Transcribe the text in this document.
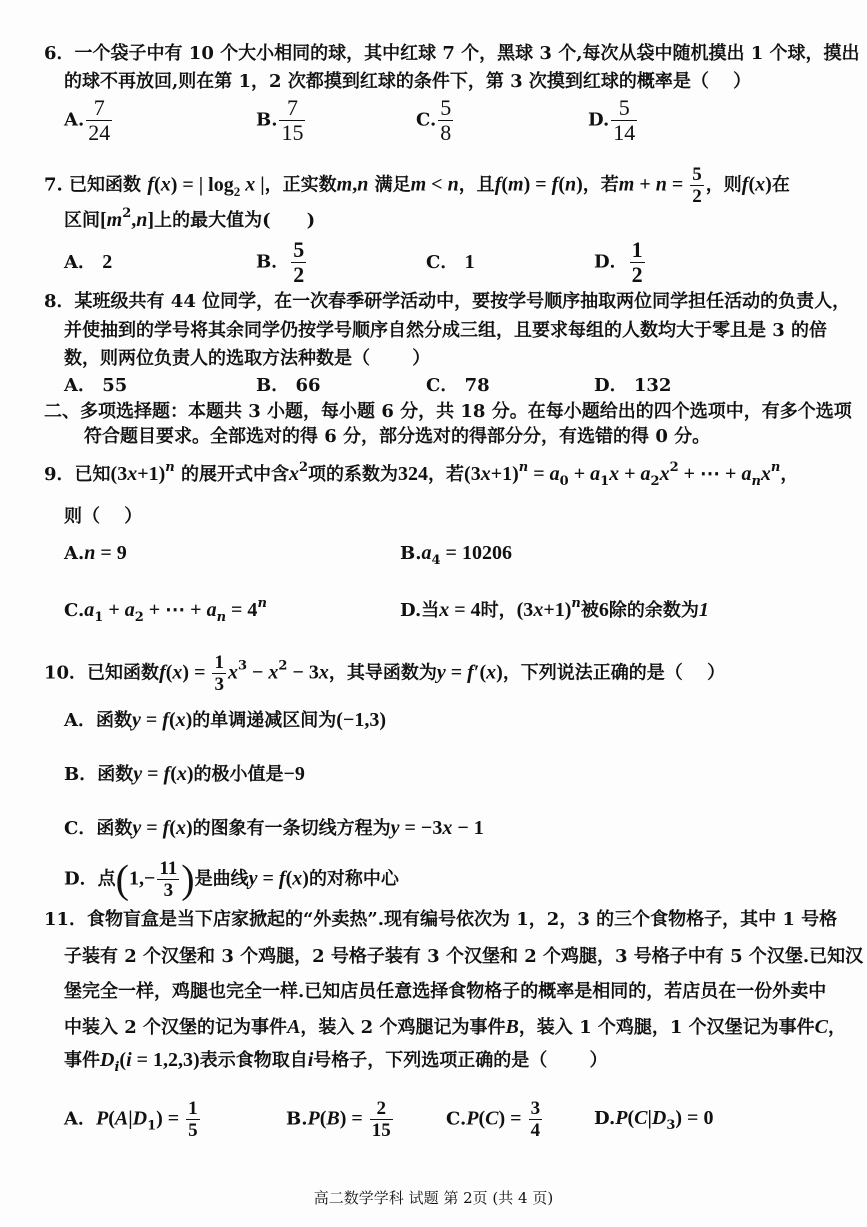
6．一个袋子中有 10 个大小相同的球，其中红球 7 个，黑球 3 个,每次从袋中随机摸出 1 个球，摸出
的球不再放回,则在第 1，2 次都摸到红球的条件下，第 3 次摸到红球的概率是（　 ）
A. $\frac{7}{24}$	B. $\frac{7}{15}$	C. $\frac{5}{8}$	D. $\frac{5}{14}$
7. 已知函数 f(x) = | $\log_2 x$ |，正实数m,n 满足m < n，且f(m) = f(n)，若$m + n = \frac{5}{2}$ ，则f(x)在
区间$[m^2,n]$上的最大值为(　　)
A． 2	B． $\frac{5}{2}$	C． 1	D． $\frac{1}{2}$
8．某班级共有 44 位同学，在一次春季研学活动中，要按学号顺序抽取两位同学担任活动的负责人，
并使抽到的学号将其余同学仍按学号顺序自然分成三组，且要求每组的人数均大于零且是 3 的倍
数，则两位负责人的选取方法种数是（　　 ）
A． 55	B． 66	C． 78	D． 132
二、多项选择题：本题共 3 小题，每小题 6 分，共 18 分。在每小题给出的四个选项中，有多个选项
符合题目要求。全部选对的得 6 分，部分选对的得部分分，有选错的得 0 分。
9．已知$(3x+1)^n$ 的展开式中含$x^2$项的系数为324，若$(3x+1)^n = a_0 + a_1x + a_2x^2$ + ⋯ + $a_nx^n$，
则（　 ）
A.n = 9	$B.a_4 = 10206$
$C.a_1 + a_2$ + ⋯ + $a_n = 4^n$	D.当x = 4时，$(3x+1)^n$被6除的余数为1
10．已知函数$f(x) = \frac{1}{3} x^3 - x^2 - 3x$，其导函数为y = f′(x)，下列说法正确的是（　 ）
A．函数y = f(x)的单调递减区间为(−1,3)
B．函数y = f(x)的极小值是−9
C．函数y = f(x)的图象有一条切线方程为y = −3x − 1
D．点($1,- \frac{11}{3}$ )是曲线y = f(x)的对称中心
11．食物盲盒是当下店家掀起的“外卖热”.现有编号依次为 1，2，3 的三个食物格子，其中 1 号格
子装有 2 个汉堡和 3 个鸡腿，2 号格子装有 3 个汉堡和 2 个鸡腿，3 号格子中有 5 个汉堡.已知汉
堡完全一样，鸡腿也完全一样.已知店员任意选择食物格子的概率是相同的，若店员在一份外卖中
中装入 2 个汉堡的记为事件A，装入 2 个鸡腿记为事件B，装入 1 个鸡腿，1 个汉堡记为事件C，
事件$D_i(i = 1,2,3)$表示食物取自i号格子，下列选项正确的是（　　 ）
A．$P(A|D_1) = \frac{1}{5}$	$B.P(B) = \frac{2}{15}$	$C.P(C) = \frac{3}{4}$	$D.P(C|D_3) = 0$
高二数学学科 试题 第 2页 (共 4 页)
